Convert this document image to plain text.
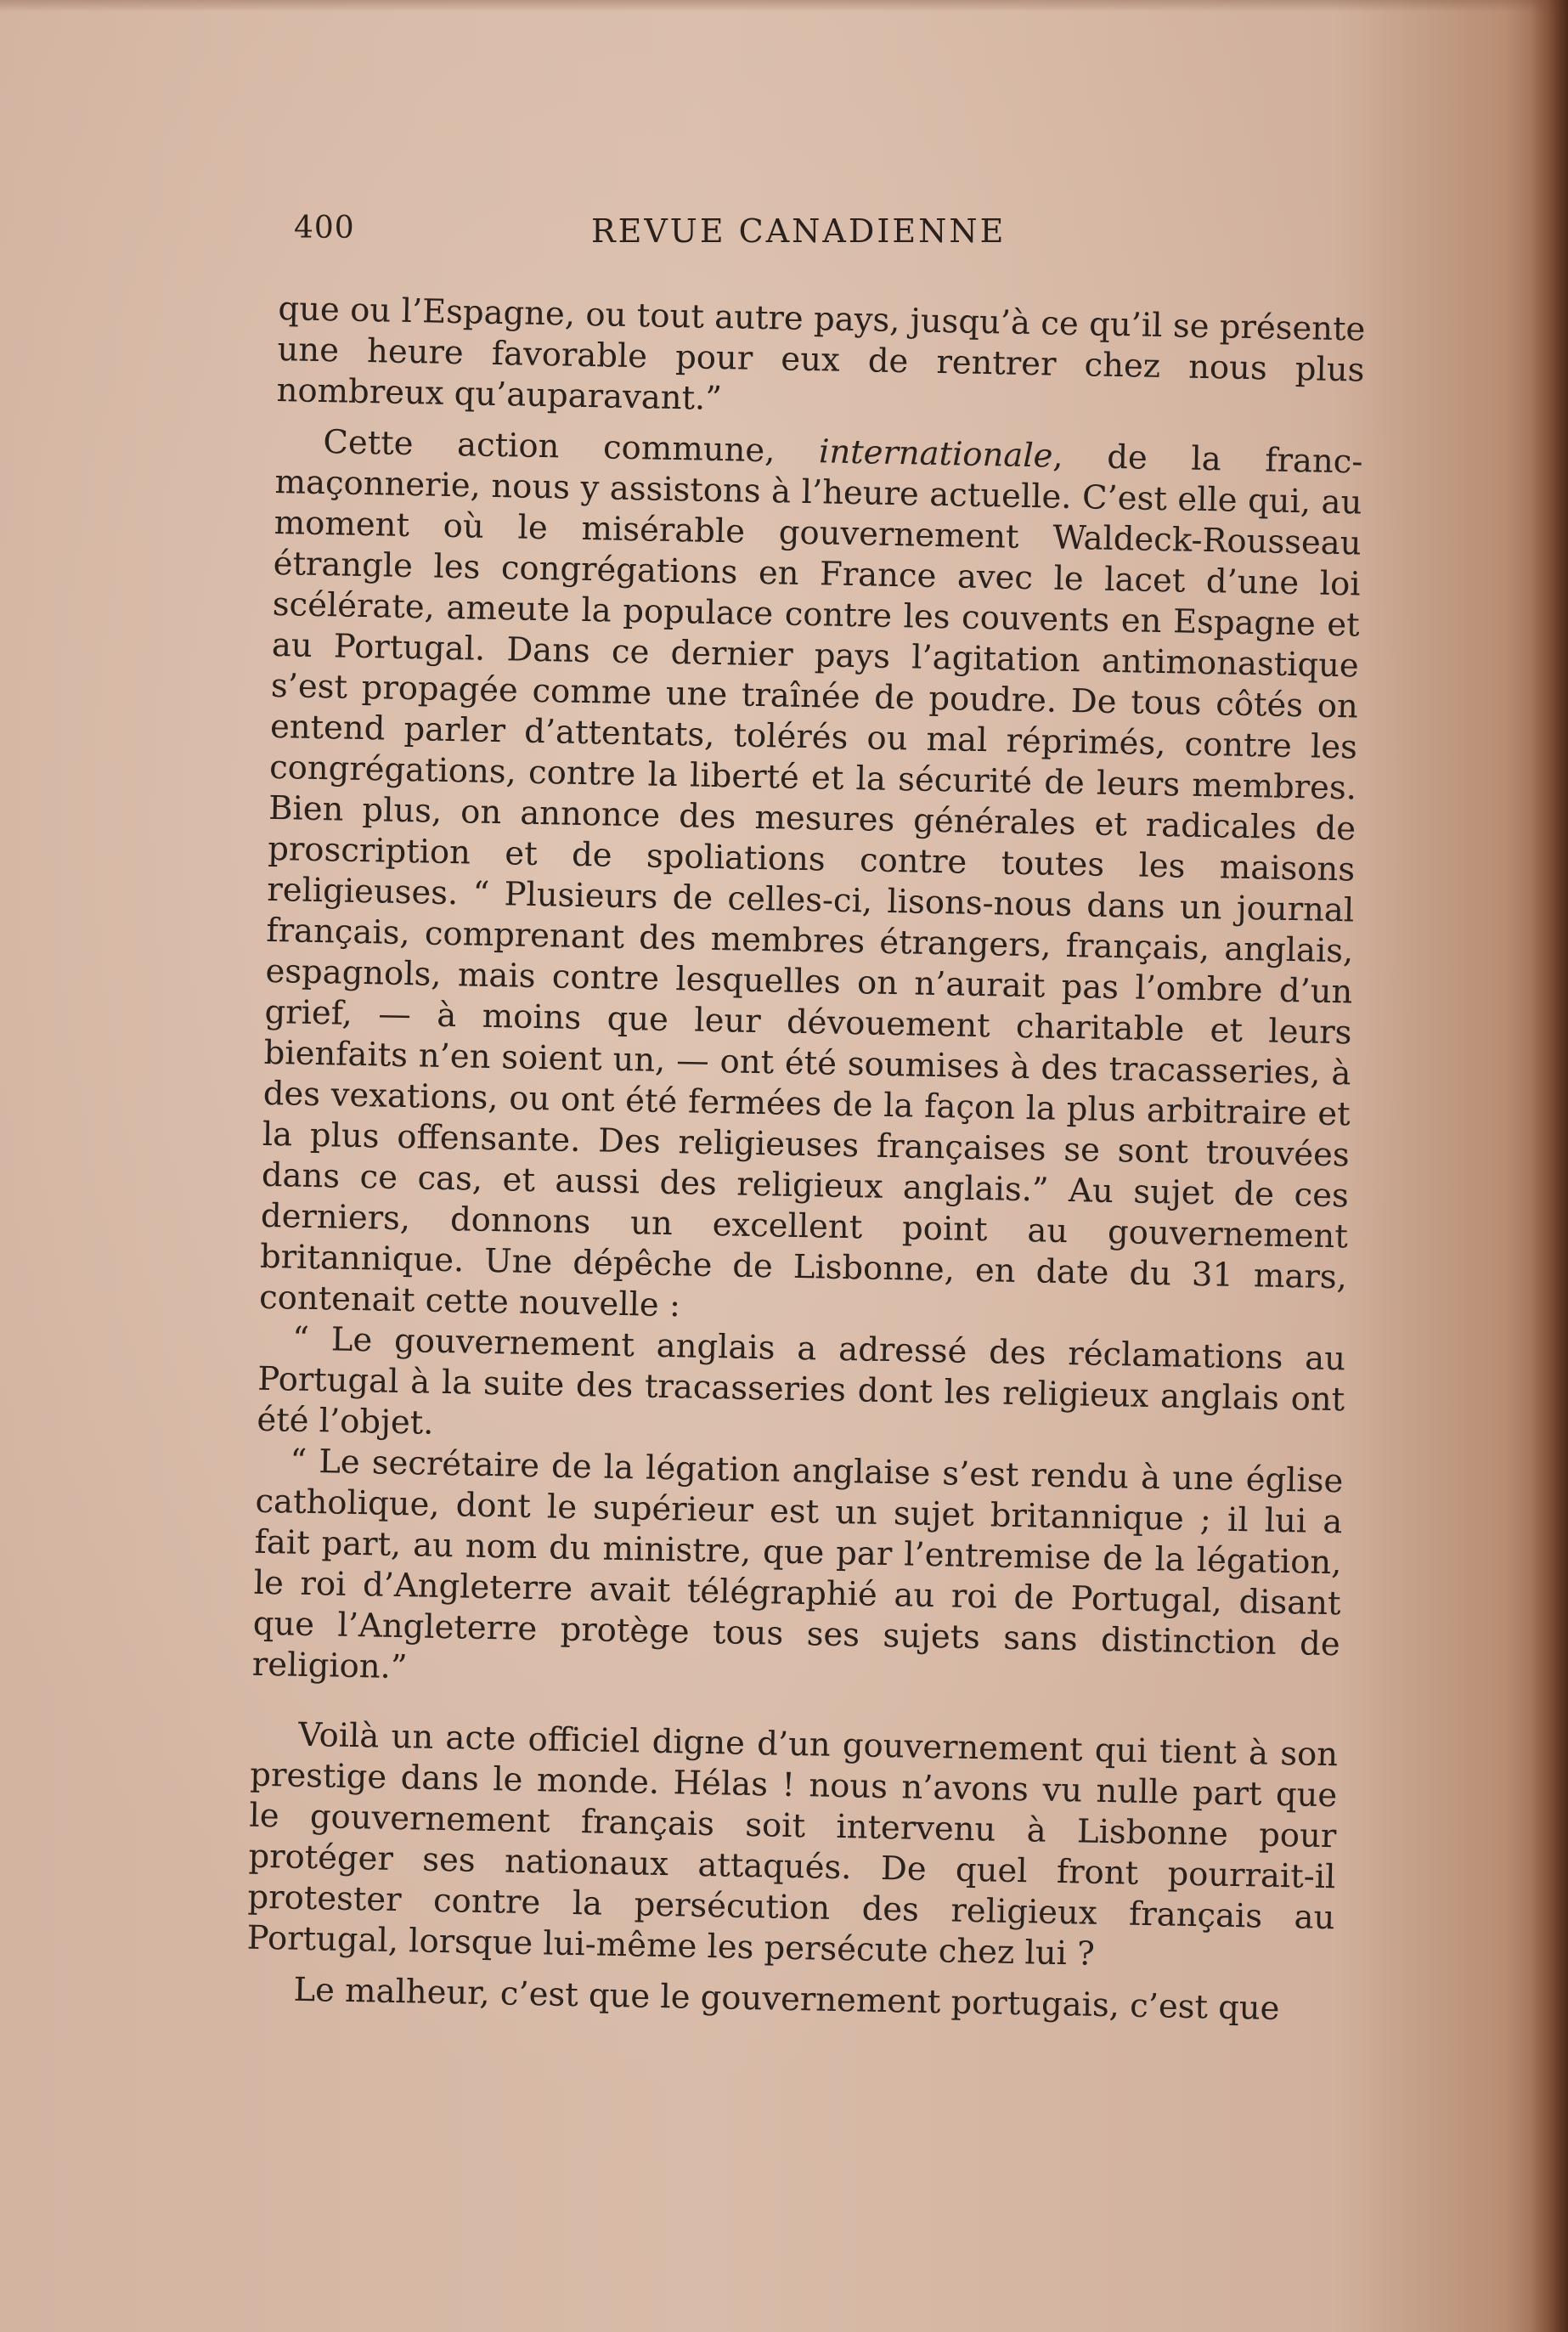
400	REVUE CANADIENNE

que ou l’Espagne, ou tout autre pays, jusqu’à ce qu’il se présente une heure favorable pour eux de rentrer chez nous plus nombreux qu’auparavant.”

Cette action commune, internationale, de la franc-maçonnerie, nous y assistons à l’heure actuelle. C’est elle qui, au moment où le misérable gouvernement Waldeck-Rousseau étrangle les congrégations en France avec le lacet d’une loi scélérate, ameute la populace contre les couvents en Espagne et au Portugal. Dans ce dernier pays l’agitation antimonastique s’est propagée comme une traînée de poudre. De tous côtés on entend parler d’attentats, tolérés ou mal réprimés, contre les congrégations, contre la liberté et la sécurité de leurs membres. Bien plus, on annonce des mesures générales et radicales de proscription et de spoliations contre toutes les maisons religieuses. “ Plusieurs de celles-ci, lisons-nous dans un journal français, comprenant des membres étrangers, français, anglais, espagnols, mais contre lesquelles on n’aurait pas l’ombre d’un grief, — à moins que leur dévouement charitable et leurs bienfaits n’en soient un, — ont été soumises à des tracasseries, à des vexations, ou ont été fermées de la façon la plus arbitraire et la plus offensante. Des religieuses françaises se sont trouvées dans ce cas, et aussi des religieux anglais.” Au sujet de ces derniers, donnons un excellent point au gouvernement britannique. Une dépêche de Lisbonne, en date du 31 mars, contenait cette nouvelle :

“ Le gouvernement anglais a adressé des réclamations au Portugal à la suite des tracasseries dont les religieux anglais ont été l’objet.

“ Le secrétaire de la légation anglaise s’est rendu à une église catholique, dont le supérieur est un sujet britannique ; il lui a fait part, au nom du ministre, que par l’entremise de la légation, le roi d’Angleterre avait télégraphié au roi de Portugal, disant que l’Angleterre protège tous ses sujets sans distinction de religion.”

Voilà un acte officiel digne d’un gouvernement qui tient à son prestige dans le monde. Hélas ! nous n’avons vu nulle part que le gouvernement français soit intervenu à Lisbonne pour protéger ses nationaux attaqués. De quel front pourrait-il protester contre la persécution des religieux français au Portugal, lorsque lui-même les persécute chez lui ?

Le malheur, c’est que le gouvernement portugais, c’est que
